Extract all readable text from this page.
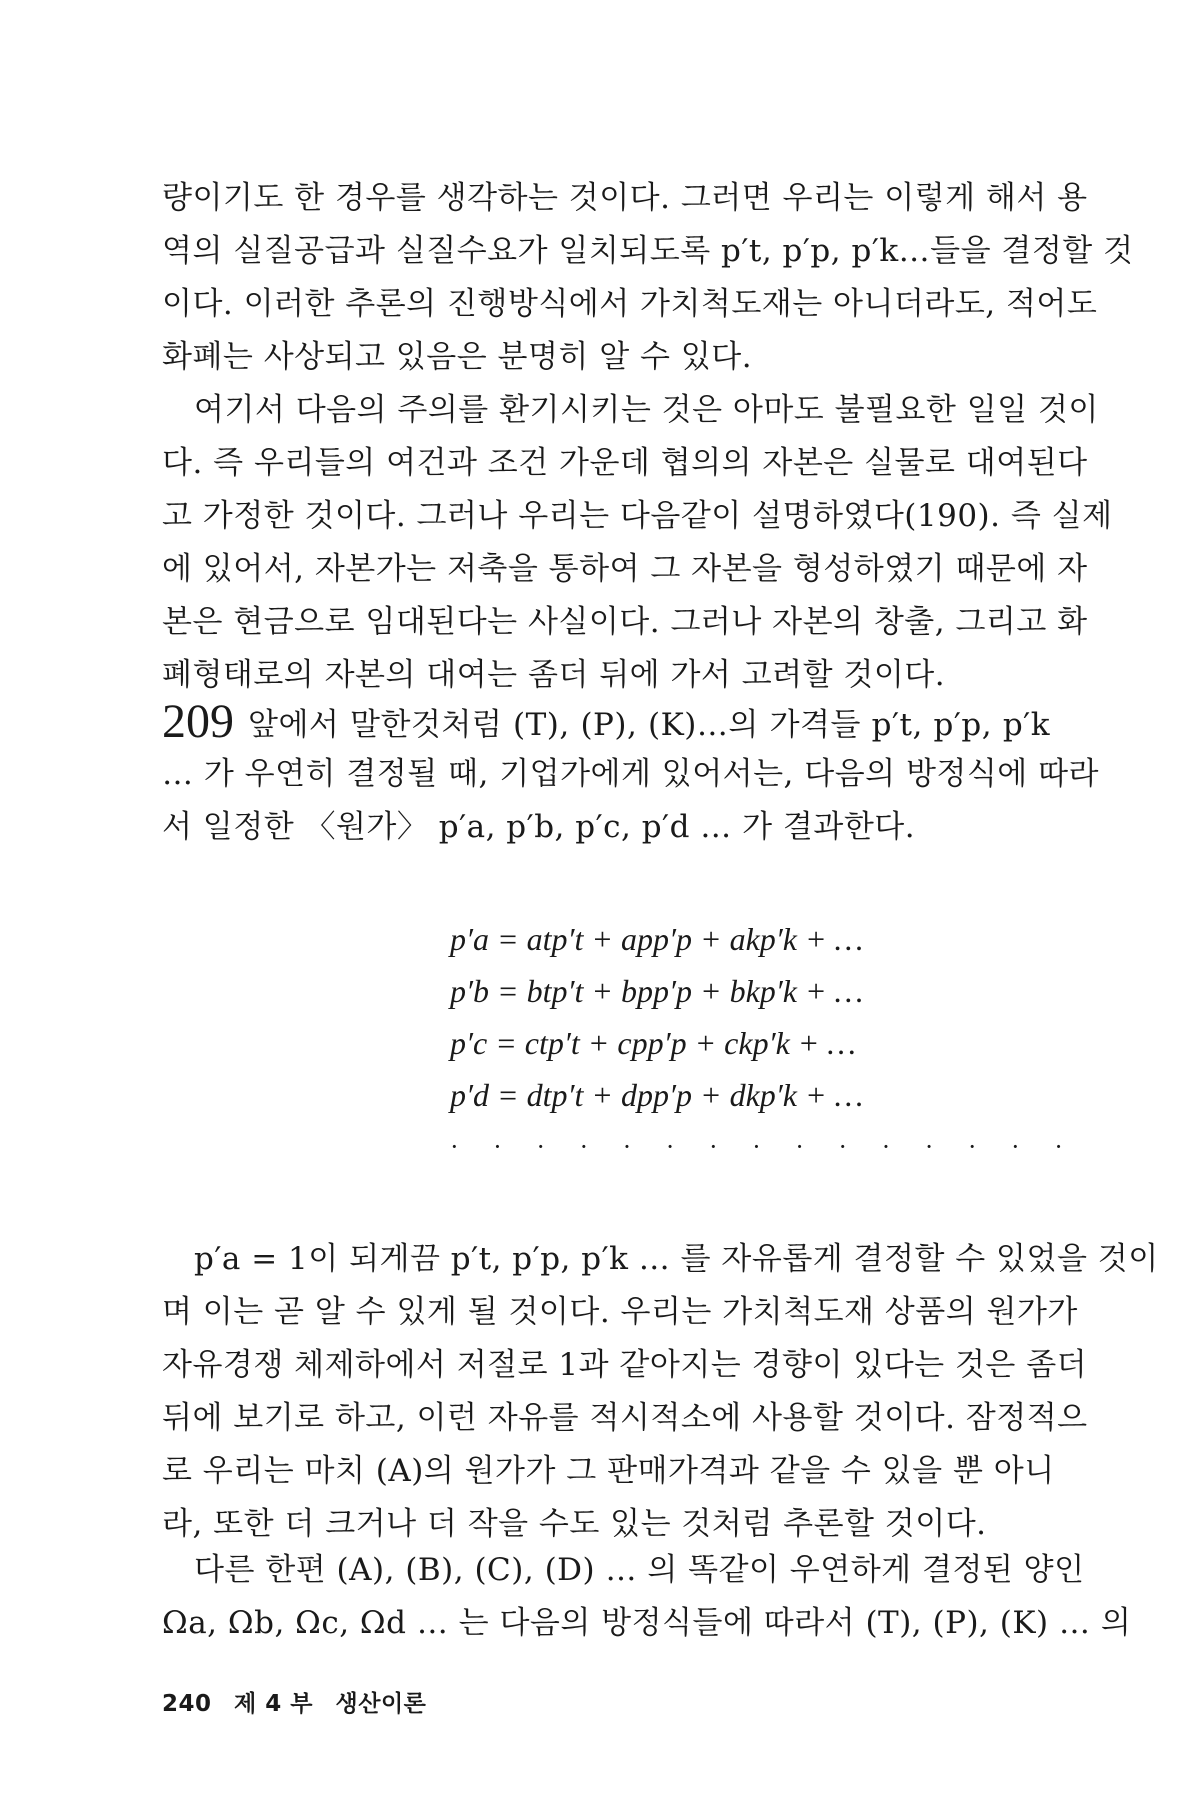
량이기도 한 경우를 생각하는 것이다. 그러면 우리는 이렇게 해서 용
역의 실질공급과 실질수요가 일치되도록 p′t, p′p, p′k…들을 결정할 것
이다. 이러한 추론의 진행방식에서 가치척도재는 아니더라도, 적어도
화폐는 사상되고 있음은 분명히 알 수 있다.
여기서 다음의 주의를 환기시키는 것은 아마도 불필요한 일일 것이
다. 즉 우리들의 여건과 조건 가운데 협의의 자본은 실물로 대여된다
고 가정한 것이다. 그러나 우리는 다음같이 설명하였다(190). 즉 실제
에 있어서, 자본가는 저축을 통하여 그 자본을 형성하였기 때문에 자
본은 현금으로 임대된다는 사실이다. 그러나 자본의 창출, 그리고 화
폐형태로의 자본의 대여는 좀더 뒤에 가서 고려할 것이다.
209 앞에서 말한것처럼 (T), (P), (K)…의 가격들 p′t, p′p, p′k
… 가 우연히 결정될 때, 기업가에게 있어서는, 다음의 방정식에 따라
서 일정한 〈원가〉 p′a, p′b, p′c, p′d … 가 결과한다.
p′a = atp′t + app′p + akp′k + …
p′b = btp′t + bpp′p + bkp′k + …
p′c = ctp′t + cpp′p + ckp′k + …
p′d = dtp′t + dpp′p + dkp′k + …
· · · · · · · · · · · · · · ·
p′a = 1이 되게끔 p′t, p′p, p′k … 를 자유롭게 결정할 수 있었을 것이
며 이는 곧 알 수 있게 될 것이다. 우리는 가치척도재 상품의 원가가
자유경쟁 체제하에서 저절로 1과 같아지는 경향이 있다는 것은 좀더
뒤에 보기로 하고, 이런 자유를 적시적소에 사용할 것이다. 잠정적으
로 우리는 마치 (A)의 원가가 그 판매가격과 같을 수 있을 뿐 아니
라, 또한 더 크거나 더 작을 수도 있는 것처럼 추론할 것이다.
다른 한편 (A), (B), (C), (D) … 의 똑같이 우연하게 결정된 양인
Ωa, Ωb, Ωc, Ωd … 는 다음의 방정식들에 따라서 (T), (P), (K) … 의
240 제 4 부 생산이론
